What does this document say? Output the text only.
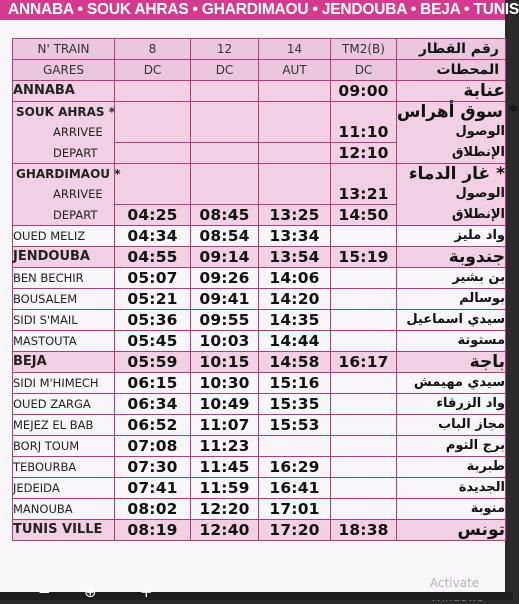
ANNABA • SOUK AHRAS • GHARDIMAOU • JENDOUBA • BEJA • TUNIS
N' TRAIN	8	12	14	TM2(B)	رقم القطار
GARES	DC	DC	AUT	DC	المحطات
ANNABA				09:00	عنابة
SOUK AHRAS *					سوق أهراس *
ARRIVEE				11:10	الوصول
DEPART				12:10	الإنطلاق
GHARDIMAOU *					غار الدماء *
ARRIVEE				13:21	الوصول
DEPART	04:25	08:45	13:25	14:50	الإنطلاق
OUED MELIZ	04:34	08:54	13:34		واد مليز
JENDOUBA	04:55	09:14	13:54	15:19	جندوبة
BEN BECHIR	05:07	09:26	14:06		بن بشير
BOUSALEM	05:21	09:41	14:20		بوسالم
SIDI S'MAIL	05:36	09:55	14:35		سيدي اسماعيل
MASTOUTA	05:45	10:03	14:44		مستوتة
BEJA	05:59	10:15	14:58	16:17	باجة
SIDI M'HIMECH	06:15	10:30	15:16		سيدي مهيمش
OUED ZARGA	06:34	10:49	15:35		واد الزرقاء
MEJEZ EL BAB	06:52	11:07	15:53		مجاز الباب
BORJ TOUM	07:08	11:23			برج التوم
TEBOURBA	07:30	11:45	16:29		طبربة
JEDEIDA	07:41	11:59	16:41		الجديدة
MANOUBA	08:02	12:20	17:01		منوبة
TUNIS VILLE	08:19	12:40	17:20	18:38	تونس
Activate
− ⊕	+
